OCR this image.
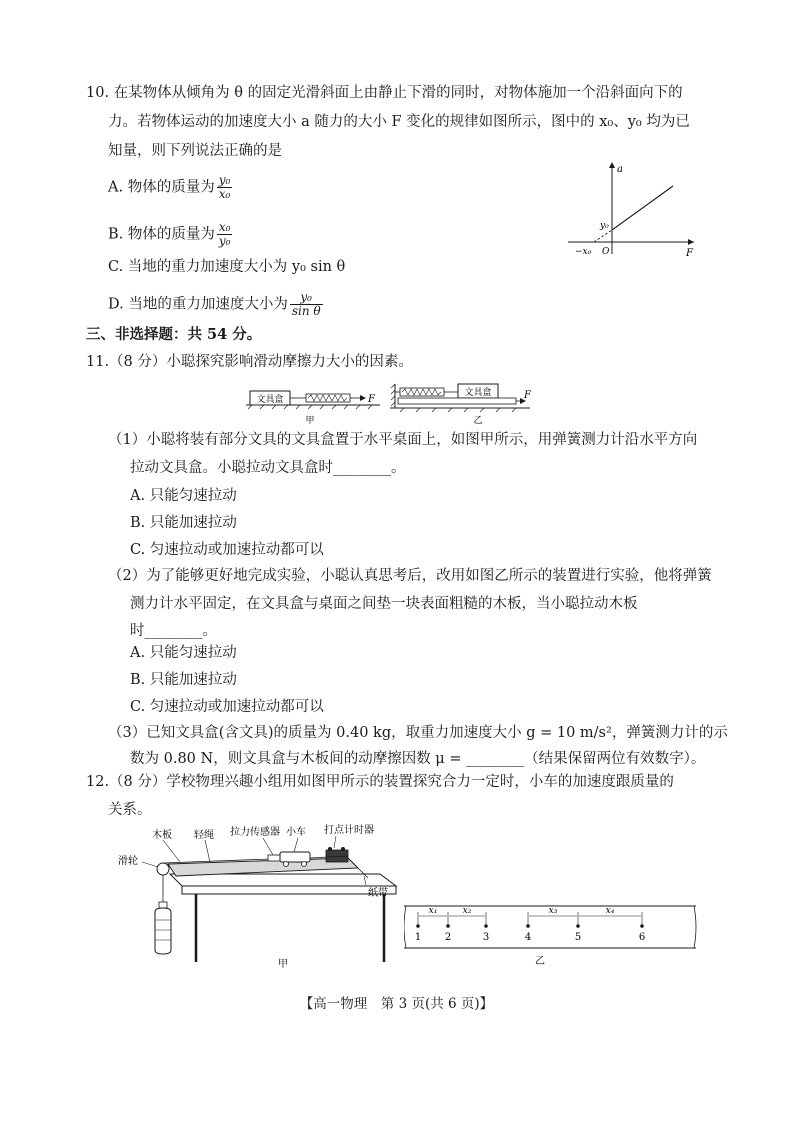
10. 在某物体从倾角为 θ 的固定光滑斜面上由静止下滑的同时，对物体施加一个沿斜面向下的
力。若物体运动的加速度大小 a 随力的大小 F 变化的规律如图所示，图中的 x₀、y₀ 均为已
知量，则下列说法正确的是
A. 物体的质量为 $\frac{\text{y₀}}{\text{x₀}}$
B. 物体的质量为 $\frac{\text{x₀}}{\text{y₀}}$
C. 当地的重力加速度大小为 y₀ sin θ
D. 当地的重力加速度大小为 $\frac{\text{y₀}}{\text{sin θ}}$
a
F
y₀
−x₀ O
三、非选择题：共 54 分。
11.（8 分）小聪探究影响滑动摩擦力大小的因素。
文具盒	F
甲
文具盒	F
乙
（1）小聪将装有部分文具的文具盒置于水平桌面上，如图甲所示，用弹簧测力计沿水平方向
拉动文具盒。小聪拉动文具盒时________。
A. 只能匀速拉动
B. 只能加速拉动
C. 匀速拉动或加速拉动都可以
（2）为了能够更好地完成实验，小聪认真思考后，改用如图乙所示的装置进行实验，他将弹簧
测力计水平固定，在文具盒与桌面之间垫一块表面粗糙的木板，当小聪拉动木板
时________。
A. 只能匀速拉动
B. 只能加速拉动
C. 匀速拉动或加速拉动都可以
（3）已知文具盒(含文具)的质量为 0.40 kg，取重力加速度大小 g = 10 m/s²，弹簧测力计的示
数为 0.80 N，则文具盒与木板间的动摩擦因数 μ = ________（结果保留两位有效数字）。
12.（8 分）学校物理兴趣小组用如图甲所示的装置探究合力一定时，小车的加速度跟质量的
关系。
木板 轻绳 拉力传感器 小车 打点计时器
滑轮
纸带
甲
x₁	x₂	x₃	x₄
1 2	3	4	5	6
乙
【高一物理　第 3 页(共 6 页)】
